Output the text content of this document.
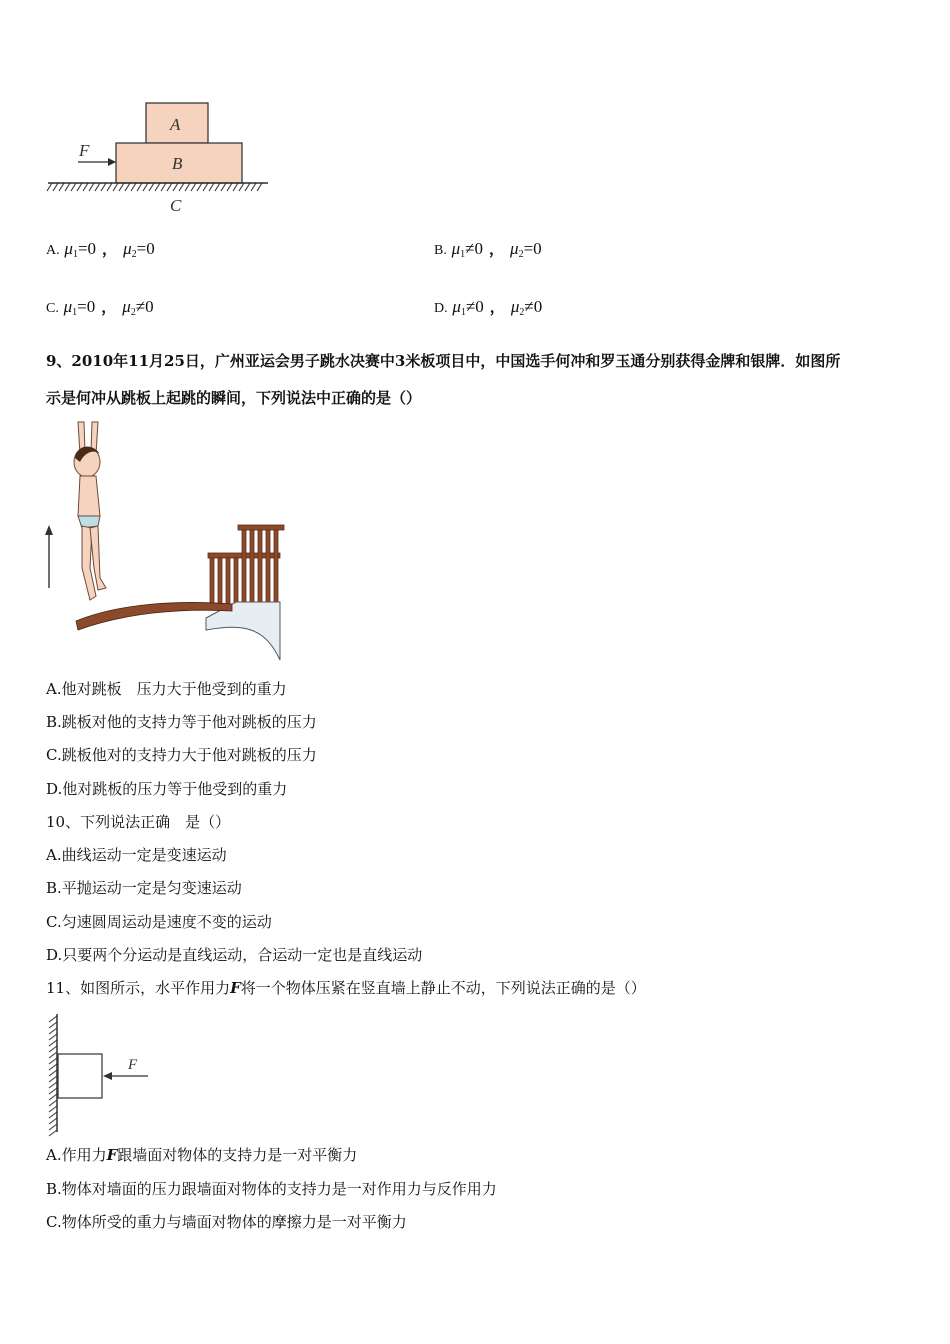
A
B
F
C
A. $\mu_1=0$ ， $\mu_2=0$	B. $\mu_1\ne 0$ ， $\mu_2=0$
C. $\mu_1=0$ ， $\mu_2\ne 0$	D. $\mu_1\ne 0$ ， $\mu_2\ne 0$
9、2010年11月25日，广州亚运会男子跳水决赛中3米板项目中，中国选手何冲和罗玉通分别获得金牌和银牌．如图所
示是何冲从跳板上起跳的瞬间，下列说法中正确的是（）
A.他对跳板　压力大于他受到的重力
B.跳板对他的支持力等于他对跳板的压力
C.跳板他对的支持力大于他对跳板的压力
D.他对跳板的压力等于他受到的重力
10、下列说法正确　是（）
A.曲线运动一定是变速运动
B.平抛运动一定是匀变速运动
C.匀速圆周运动是速度不变的运动
D.只要两个分运动是直线运动，合运动一定也是直线运动
11、如图所示，水平作用力F将一个物体压紧在竖直墙上静止不动，下列说法正确的是（）
F
A.作用力F跟墙面对物体的支持力是一对平衡力
B.物体对墙面的压力跟墙面对物体的支持力是一对作用力与反作用力
C.物体所受的重力与墙面对物体的摩擦力是一对平衡力
